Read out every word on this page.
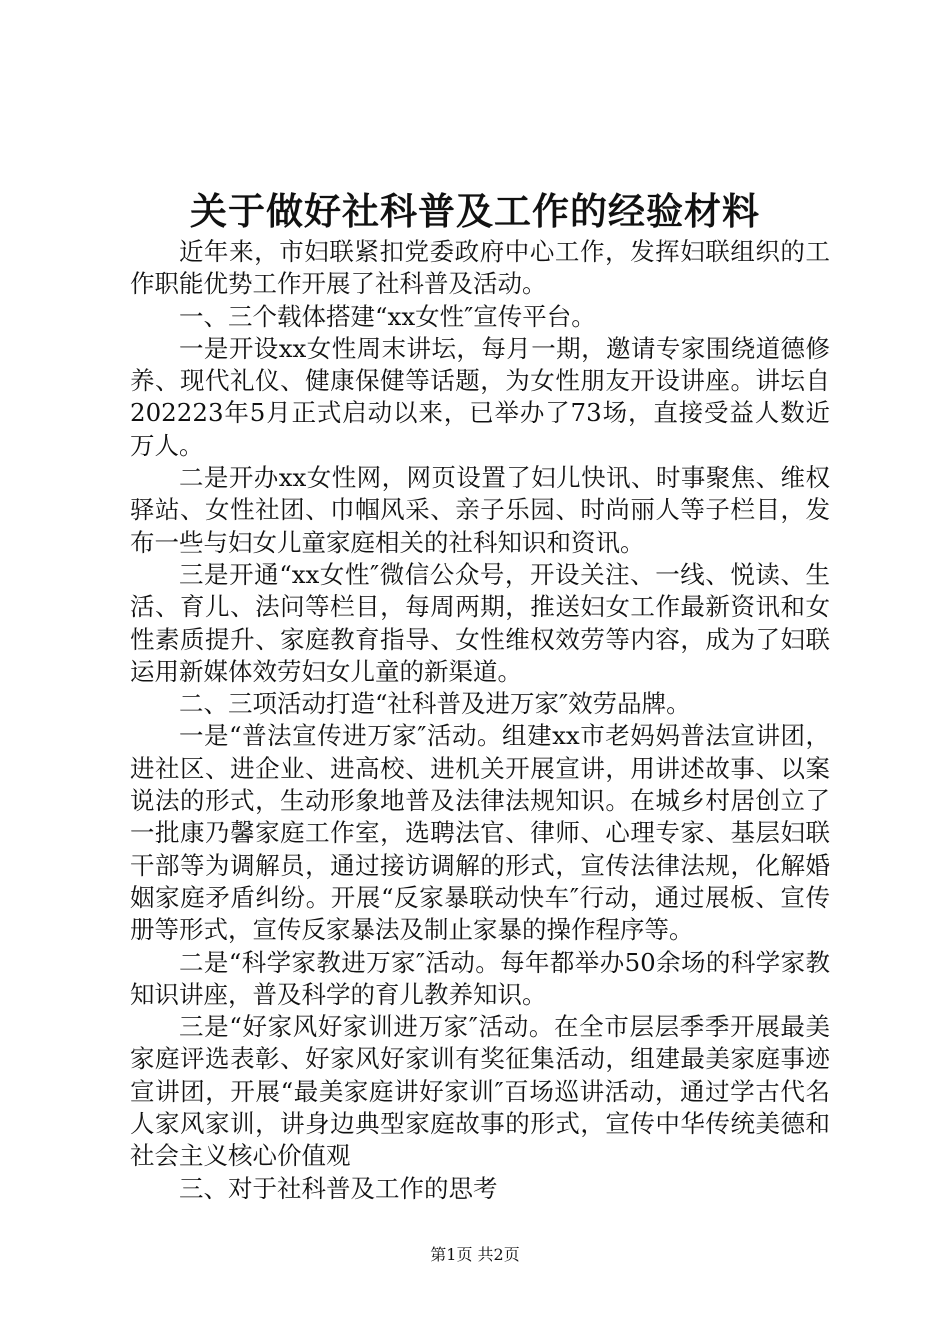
关于做好社科普及工作的经验材料

近年来，市妇联紧扣党委政府中心工作，发挥妇联组织的工作职能优势工作开展了社科普及活动。

一、三个载体搭建“xx女性″宣传平台。

一是开设xx女性周末讲坛，每月一期，邀请专家围绕道德修养、现代礼仪、健康保健等话题，为女性朋友开设讲座。讲坛自202223年5月正式启动以来，已举办了73场，直接受益人数近万人。

二是开办xx女性网，网页设置了妇儿快讯、时事聚焦、维权驿站、女性社团、巾帼风采、亲子乐园、时尚丽人等子栏目，发布一些与妇女儿童家庭相关的社科知识和资讯。

三是开通“xx女性″微信公众号，开设关注、一线、悦读、生活、育儿、法问等栏目，每周两期，推送妇女工作最新资讯和女性素质提升、家庭教育指导、女性维权效劳等内容，成为了妇联运用新媒体效劳妇女儿童的新渠道。

二、三项活动打造“社科普及进万家″效劳品牌。

一是“普法宣传进万家″活动。组建xx市老妈妈普法宣讲团，进社区、进企业、进高校、进机关开展宣讲，用讲述故事、以案说法的形式，生动形象地普及法律法规知识。在城乡村居创立了一批康乃馨家庭工作室，选聘法官、律师、心理专家、基层妇联干部等为调解员，通过接访调解的形式，宣传法律法规，化解婚姻家庭矛盾纠纷。开展“反家暴联动快车″行动，通过展板、宣传册等形式，宣传反家暴法及制止家暴的操作程序等。

二是“科学家教进万家″活动。每年都举办50余场的科学家教知识讲座，普及科学的育儿教养知识。

三是“好家风好家训进万家″活动。在全市层层季季开展最美家庭评选表彰、好家风好家训有奖征集活动，组建最美家庭事迹宣讲团，开展“最美家庭讲好家训″百场巡讲活动，通过学古代名人家风家训，讲身边典型家庭故事的形式，宣传中华传统美德和社会主义核心价值观

三、对于社科普及工作的思考

第1页 共2页
